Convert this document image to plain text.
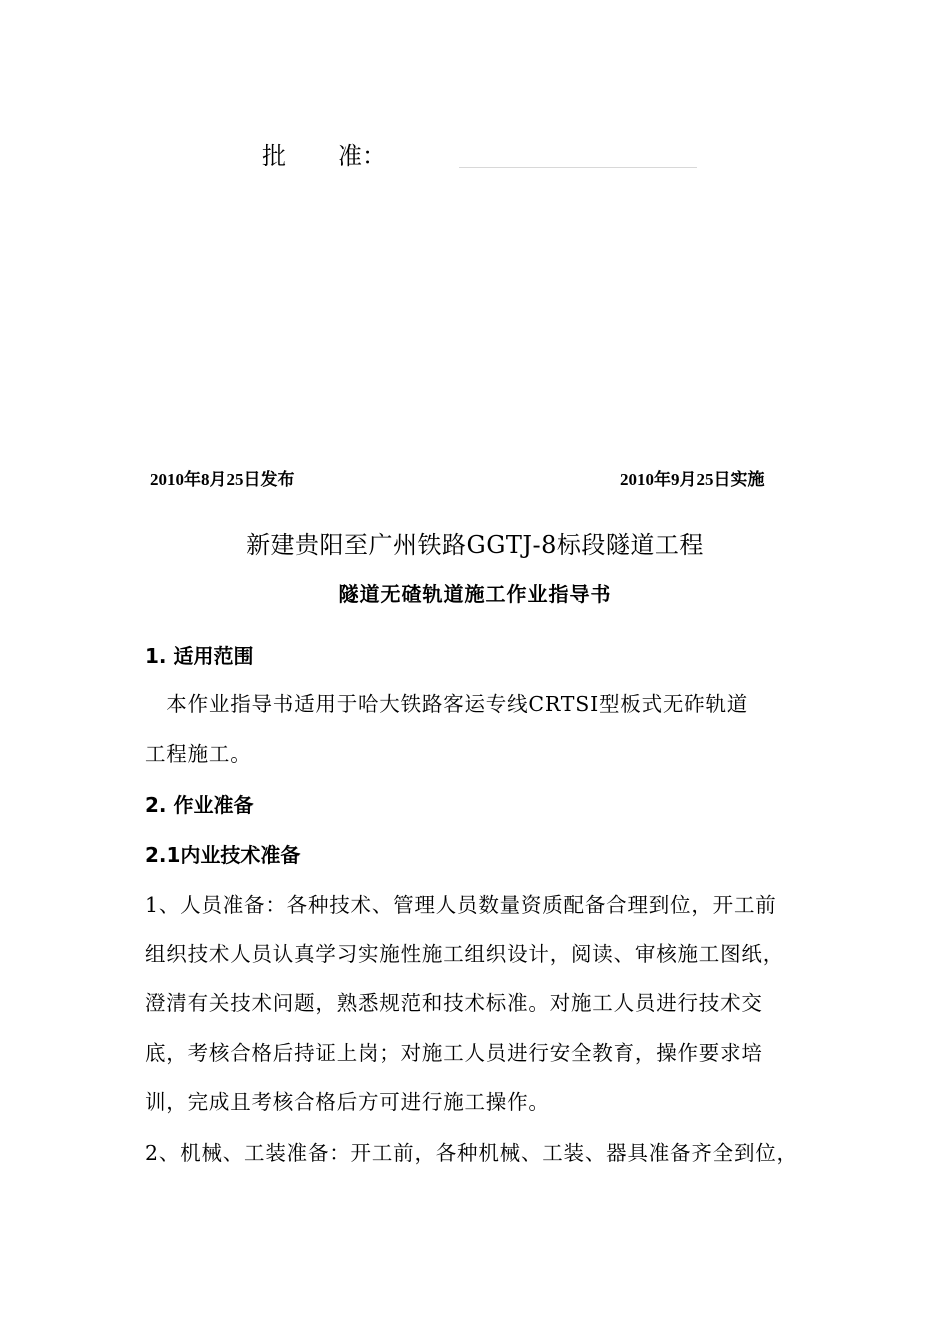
批 准：
2010年8月25日发布	2010年9月25日实施
新建贵阳至广州铁路GGTJ-8标段隧道工程
隧道无碴轨道施工作业指导书
1. 适用范围
　本作业指导书适用于哈大铁路客运专线CRTSⅠ型板式无砟轨道
工程施工。
2. 作业准备
2.1内业技术准备
1、人员准备：各种技术、管理人员数量资质配备合理到位，开工前
组织技术人员认真学习实施性施工组织设计，阅读、审核施工图纸，
澄清有关技术问题，熟悉规范和技术标准。对施工人员进行技术交
底，考核合格后持证上岗；对施工人员进行安全教育，操作要求培
训，完成且考核合格后方可进行施工操作。
2、机械、工装准备：开工前，各种机械、工装、器具准备齐全到位，
